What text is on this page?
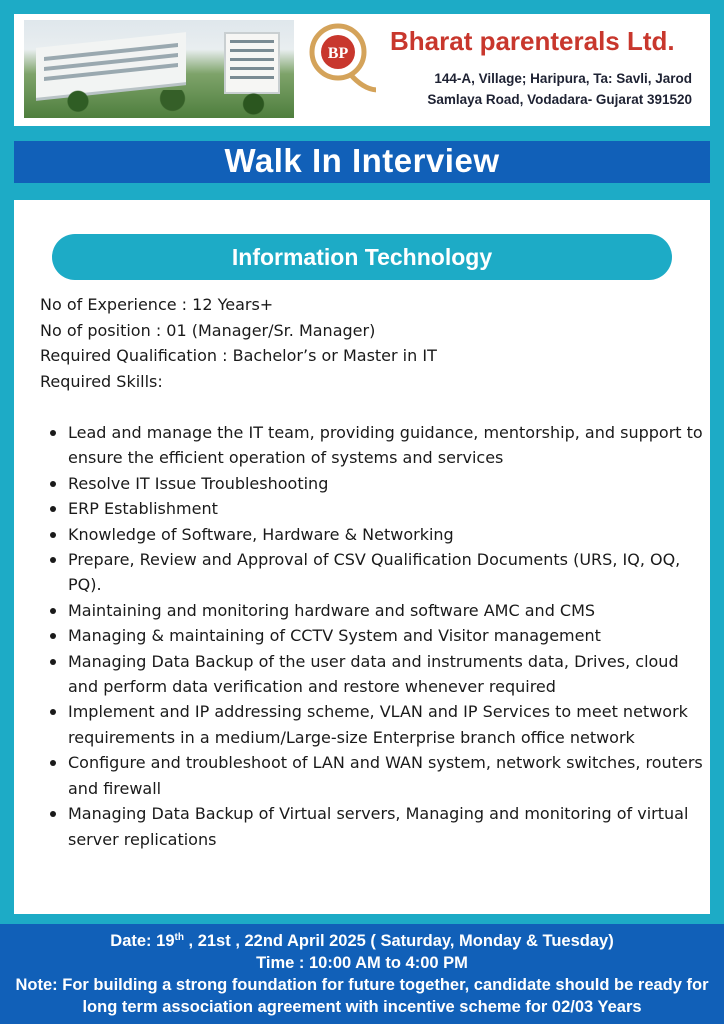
BP Bharat parenterals Ltd.
144-A, Village; Haripura, Ta: Savli, Jarod
Samlaya Road, Vodadara- Gujarat 391520
Walk In Interview
Information Technology
No of Experience : 12 Years+
No of position : 01 (Manager/Sr. Manager)
Required Qualification : Bachelor’s or Master in IT
Required Skills:
Lead and manage the IT team, providing guidance, mentorship, and support to ensure the efficient operation of systems and services
Resolve IT Issue Troubleshooting
ERP Establishment
Knowledge of Software, Hardware & Networking
Prepare, Review and Approval of CSV Qualification Documents (URS, IQ, OQ, PQ).
Maintaining and monitoring hardware and software AMC and CMS
Managing & maintaining of CCTV System and Visitor management
Managing Data Backup of the user data and instruments data, Drives, cloud and perform data verification and restore whenever required
Implement and IP addressing scheme, VLAN and IP Services to meet network requirements in a medium/Large-size Enterprise branch office network
Configure and troubleshoot of LAN and WAN system, network switches, routers and firewall
Managing Data Backup of Virtual servers, Managing and monitoring of virtual server replications
Date: 19th , 21st , 22nd April 2025 ( Saturday, Monday & Tuesday)
Time : 10:00 AM to 4:00 PM
Note: For building a strong foundation for future together, candidate should be ready for long term association agreement with incentive scheme for 02/03 Years
